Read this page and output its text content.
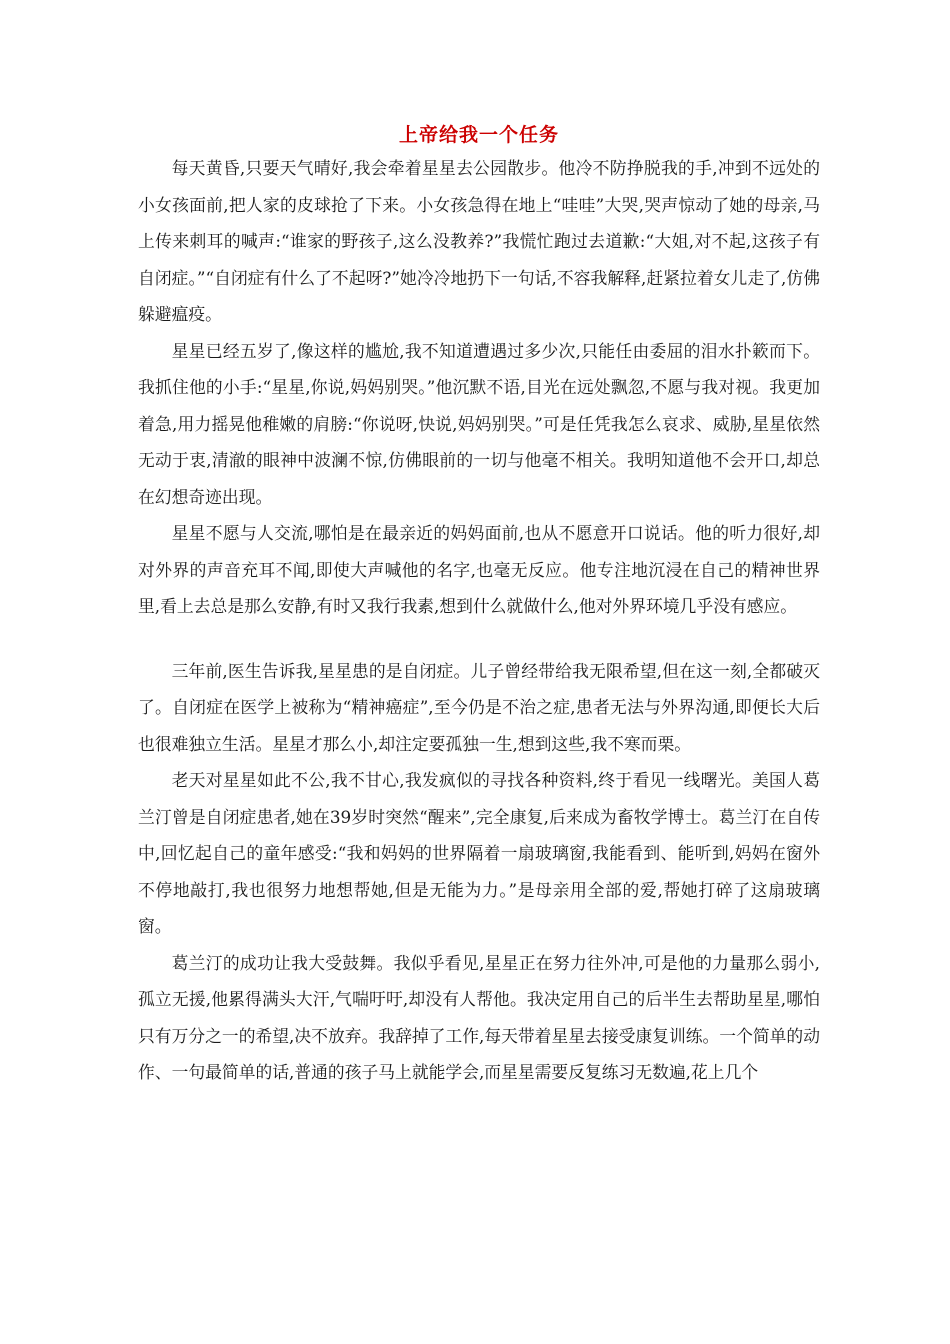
上帝给我一个任务

每天黄昏,只要天气晴好,我会牵着星星去公园散步。他冷不防挣脱我的手,冲到不远处的小女孩面前,把人家的皮球抢了下来。小女孩急得在地上“哇哇”大哭,哭声惊动了她的母亲,马上传来刺耳的喊声:“谁家的野孩子,这么没教养?”我慌忙跑过去道歉:“大姐,对不起,这孩子有自闭症。”“自闭症有什么了不起呀?”她冷冷地扔下一句话,不容我解释,赶紧拉着女儿走了,仿佛躲避瘟疫。

星星已经五岁了,像这样的尴尬,我不知道遭遇过多少次,只能任由委屈的泪水扑簌而下。我抓住他的小手:“星星,你说,妈妈别哭。”他沉默不语,目光在远处飘忽,不愿与我对视。我更加着急,用力摇晃他稚嫩的肩膀:“你说呀,快说,妈妈别哭。”可是任凭我怎么哀求、威胁,星星依然无动于衷,清澈的眼神中波澜不惊,仿佛眼前的一切与他毫不相关。我明知道他不会开口,却总在幻想奇迹出现。

星星不愿与人交流,哪怕是在最亲近的妈妈面前,也从不愿意开口说话。他的听力很好,却对外界的声音充耳不闻,即使大声喊他的名字,也毫无反应。他专注地沉浸在自己的精神世界里,看上去总是那么安静,有时又我行我素,想到什么就做什么,他对外界环境几乎没有感应。

三年前,医生告诉我,星星患的是自闭症。儿子曾经带给我无限希望,但在这一刻,全都破灭了。自闭症在医学上被称为“精神癌症”,至今仍是不治之症,患者无法与外界沟通,即便长大后也很难独立生活。星星才那么小,却注定要孤独一生,想到这些,我不寒而栗。

老天对星星如此不公,我不甘心,我发疯似的寻找各种资料,终于看见一线曙光。美国人葛兰汀曾是自闭症患者,她在39岁时突然“醒来”,完全康复,后来成为畜牧学博士。葛兰汀在自传中,回忆起自己的童年感受:“我和妈妈的世界隔着一扇玻璃窗,我能看到、能听到,妈妈在窗外不停地敲打,我也很努力地想帮她,但是无能为力。”是母亲用全部的爱,帮她打碎了这扇玻璃窗。

葛兰汀的成功让我大受鼓舞。我似乎看见,星星正在努力往外冲,可是他的力量那么弱小,孤立无援,他累得满头大汗,气喘吁吁,却没有人帮他。我决定用自己的后半生去帮助星星,哪怕只有万分之一的希望,决不放弃。我辞掉了工作,每天带着星星去接受康复训练。一个简单的动作、一句最简单的话,普通的孩子马上就能学会,而星星需要反复练习无数遍,花上几个
